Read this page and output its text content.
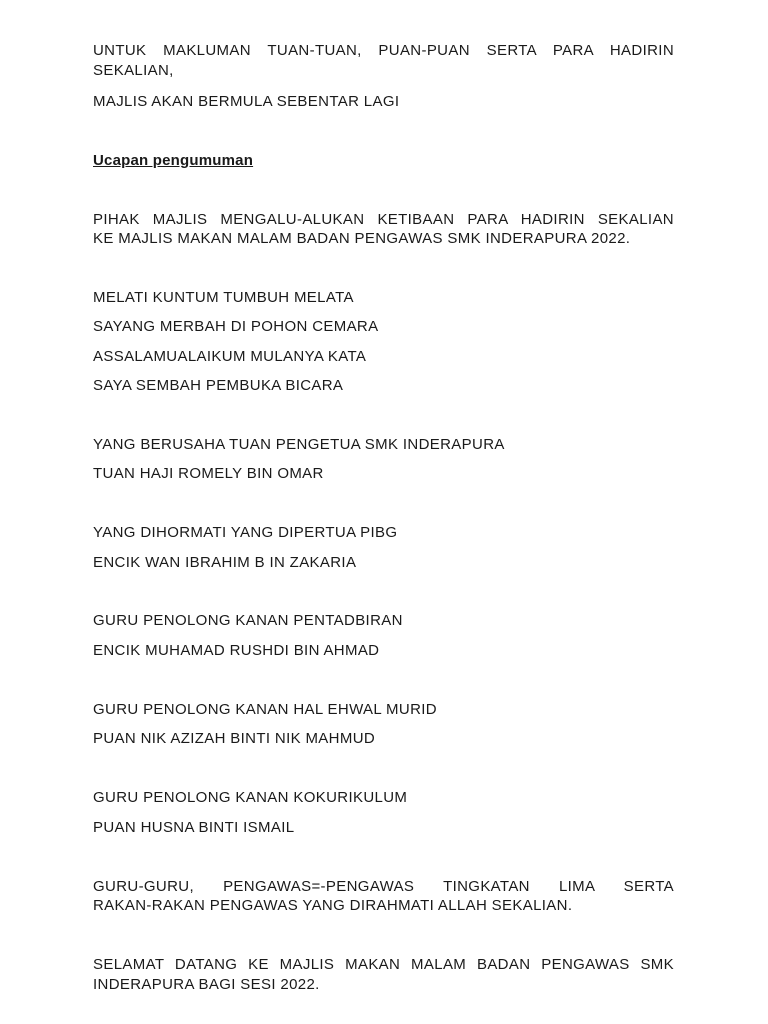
UNTUK MAKLUMAN TUAN-TUAN, PUAN-PUAN SERTA PARA HADIRIN
SEKALIAN,
MAJLIS AKAN BERMULA SEBENTAR LAGI
Ucapan pengumuman
PIHAK MAJLIS MENGALU-ALUKAN KETIBAAN PARA HADIRIN SEKALIAN
KE MAJLIS MAKAN MALAM BADAN PENGAWAS SMK INDERAPURA 2022.
MELATI KUNTUM TUMBUH MELATA
SAYANG MERBAH DI POHON CEMARA
ASSALAMUALAIKUM MULANYA KATA
SAYA SEMBAH PEMBUKA BICARA
YANG BERUSAHA TUAN PENGETUA SMK INDERAPURA
TUAN HAJI ROMELY BIN OMAR
YANG DIHORMATI YANG DIPERTUA PIBG
ENCIK WAN IBRAHIM B IN ZAKARIA
GURU PENOLONG KANAN PENTADBIRAN
ENCIK MUHAMAD RUSHDI BIN AHMAD
GURU PENOLONG KANAN HAL EHWAL MURID
PUAN NIK AZIZAH BINTI NIK MAHMUD
GURU PENOLONG KANAN KOKURIKULUM
PUAN HUSNA BINTI ISMAIL
GURU-GURU, PENGAWAS=-PENGAWAS TINGKATAN LIMA SERTA
RAKAN-RAKAN PENGAWAS YANG DIRAHMATI ALLAH SEKALIAN.
SELAMAT DATANG KE MAJLIS MAKAN MALAM BADAN PENGAWAS SMK
INDERAPURA BAGI SESI 2022.
